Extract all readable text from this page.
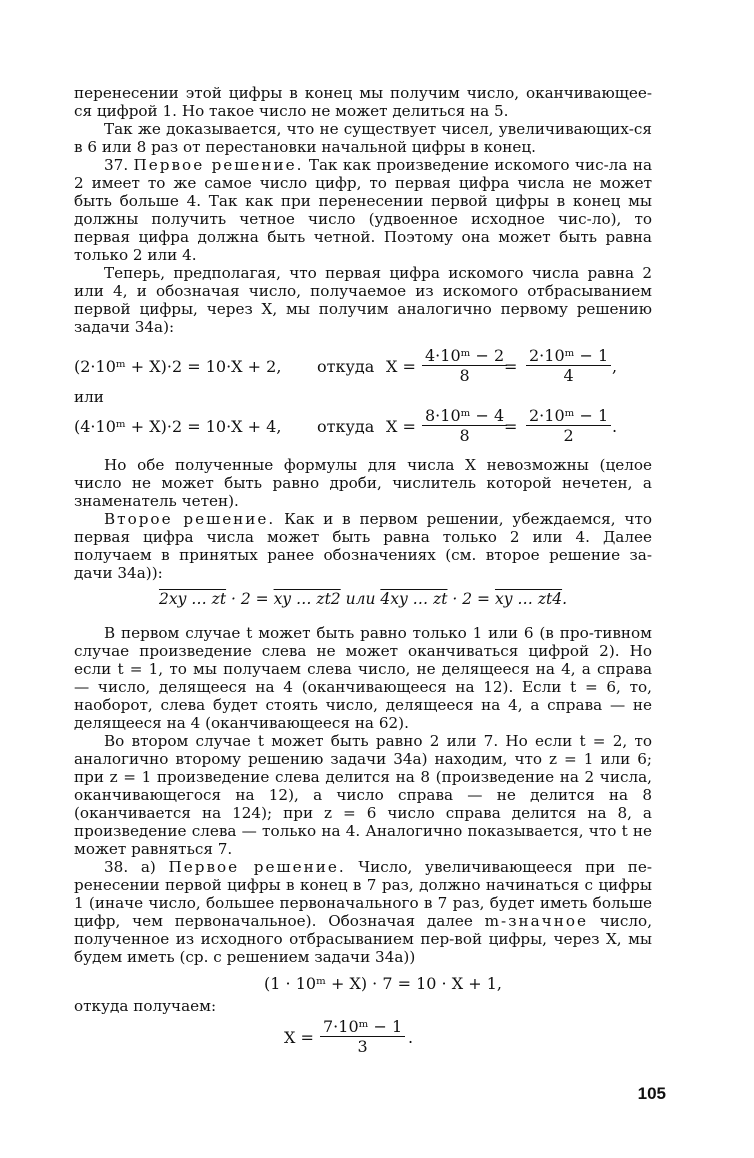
перенесении этой цифры в конец мы получим число, оканчивающее-ся цифрой 1. Но такое число не может делиться на 5.

Так же доказывается, что не существует чисел, увеличивающих-ся в 6 или 8 раз от перестановки начальной цифры в конец.

37. Первое решение. Так как произведение искомого чис-ла на 2 имеет то же самое число цифр, то первая цифра числа не может быть больше 4. Так как при перенесении первой цифры в конец мы должны получить четное число (удвоенное исходное чис-ло), то первая цифра должна быть четной. Поэтому она может быть равна только 2 или 4.

Теперь, предполагая, что первая цифра искомого числа равна 2 или 4, и обозначая число, получаемое из искомого отбрасыванием первой цифры, через X, мы получим аналогично первому решению задачи 34а):

(2·10ᵐ + X)·2 = 10·X + 2, откуда $X = \frac{\text{4·10ᵐ − 2}}{8}$
= $\frac{\text{2·10ᵐ − 1}}{4}$ ,

или

(4·10ᵐ + X)·2 = 10·X + 4, откуда $X = \frac{\text{8·10ᵐ − 4}}{8}$
= $\frac{\text{2·10ᵐ − 1}}{2}$ .

Но обе полученные формулы для числа X невозможны (целое число не может быть равно дроби, числитель которой нечетен, а знаменатель четен).

Второе решение. Как и в первом решении, убеждаемся, что первая цифра числа может быть равна только 2 или 4. Далее получаем в принятых ранее обозначениях (см. второе решение за-дачи 34а)):

2xy … zt · 2 = xy … zt2 или 4xy … zt · 2 = xy … zt4.

В первом случае t может быть равно только 1 или 6 (в про-тивном случае произведение слева не может оканчиваться цифрой 2). Но если t = 1, то мы получаем слева число, не делящееся на 4, а справа — число, делящееся на 4 (оканчивающееся на 12). Если t = 6, то, наоборот, слева будет стоять число, делящееся на 4, а справа — не делящееся на 4 (оканчивающееся на 62).

Во втором случае t может быть равно 2 или 7. Но если t = 2, то аналогично второму решению задачи 34а) находим, что z = 1 или 6; при z = 1 произведение слева делится на 8 (произведение на 2 числа, оканчивающегося на 12), а число справа — не делится на 8 (оканчивается на 124); при z = 6 число справа делится на 8, а произведение слева — только на 4. Аналогично показывается, что t не может равняться 7.

38. а) Первое решение. Число, увеличивающееся при пе-ренесении первой цифры в конец в 7 раз, должно начинаться с цифры 1 (иначе число, большее первоначального в 7 раз, будет иметь больше цифр, чем первоначальное). Обозначая далее m-значное число, полученное из исходного отбрасыванием пер-вой цифры, через X, мы будем иметь (ср. с решением задачи 34а))

(1 · 10ᵐ + X) · 7 = 10 · X + 1,

откуда получаем:

$X = \frac{\text{7·10ᵐ − 1}}{3}$ .
105
